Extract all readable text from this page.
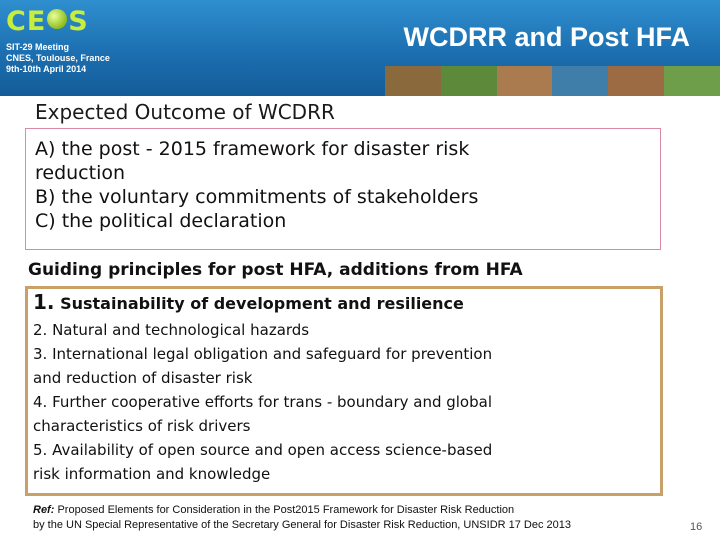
CE S
SIT-29 Meeting
CNES, Toulouse, France
9th-10th April 2014
WCDRR and Post HFA
Expected Outcome of WCDRR
A) the post - 2015 framework for disaster risk
reduction
B) the voluntary commitments of stakeholders
C) the political declaration
Guiding principles for post HFA, additions from HFA
1. Sustainability of development and resilience
2. Natural and technological hazards
3. International legal obligation and safeguard for prevention
and reduction of disaster risk
4. Further cooperative efforts for trans - boundary and global
characteristics of risk drivers
5. Availability of open source and open access science-based
risk information and knowledge
Ref: Proposed Elements for Consideration in the Post2015 Framework for Disaster Risk Reduction
by the UN Special Representative of the Secretary General for Disaster Risk Reduction, UNSIDR 17 Dec 2013	16
